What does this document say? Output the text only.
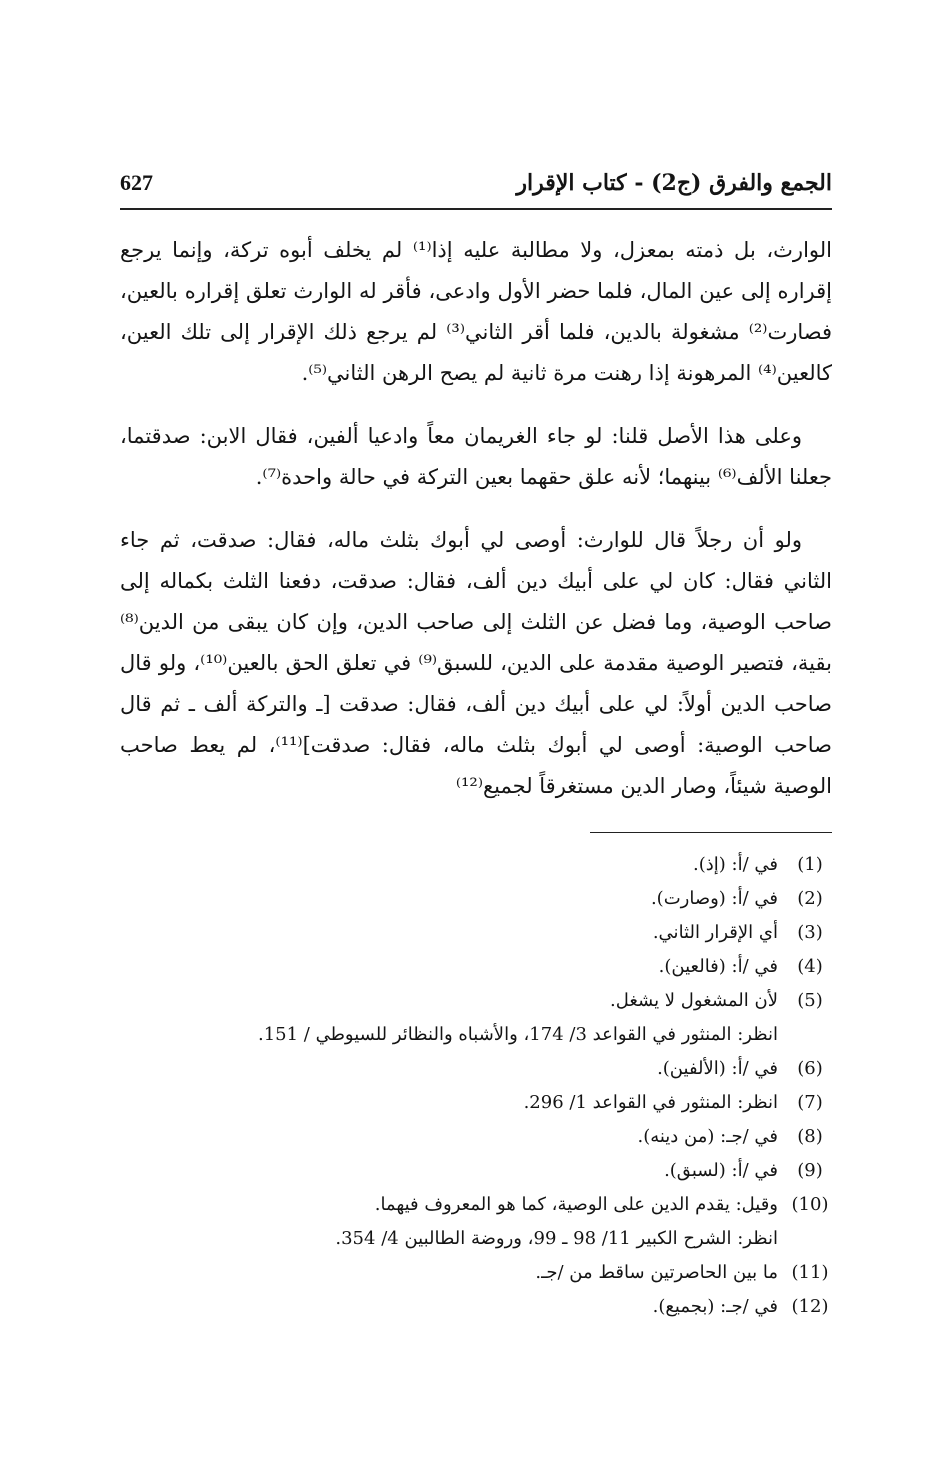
الجمع والفرق (ج2) - كتاب الإقرار
627

الوارث، بل ذمته بمعزل، ولا مطالبة عليه إذا⁽¹⁾ لم يخلف أبوه تركة، وإنما يرجع إقراره إلى عين المال، فلما حضر الأول وادعى، فأقر له الوارث تعلق إقراره بالعين، فصارت⁽²⁾ مشغولة بالدين، فلما أقر الثاني⁽³⁾ لم يرجع ذلك الإقرار إلى تلك العين، كالعين⁽⁴⁾ المرهونة إذا رهنت مرة ثانية لم يصح الرهن الثاني⁽⁵⁾.

وعلى هذا الأصل قلنا: لو جاء الغريمان معاً وادعيا ألفين، فقال الابن: صدقتما، جعلنا الألف⁽⁶⁾ بينهما؛ لأنه علق حقهما بعين التركة في حالة واحدة⁽⁷⁾.

ولو أن رجلاً قال للوارث: أوصى لي أبوك بثلث ماله، فقال: صدقت، ثم جاء الثاني فقال: كان لي على أبيك دين ألف، فقال: صدقت، دفعنا الثلث بكماله إلى صاحب الوصية، وما فضل عن الثلث إلى صاحب الدين، وإن كان يبقى من الدين⁽⁸⁾ بقية، فتصير الوصية مقدمة على الدين، للسبق⁽⁹⁾ في تعلق الحق بالعين⁽¹⁰⁾، ولو قال صاحب الدين أولاً: لي على أبيك دين ألف، فقال: صدقت [ـ والتركة ألف ـ ثم قال صاحب الوصية: أوصى لي أبوك بثلث ماله، فقال: صدقت]⁽¹¹⁾، لم يعط صاحب الوصية شيئاً، وصار الدين مستغرقاً لجميع⁽¹²⁾

(1)
في /أ: (إذ).
(2)
في /أ: (وصارت).
(3)
أي الإقرار الثاني.
(4)
في /أ: (فالعين).
(5)
لأن المشغول لا يشغل.
انظر: المنثور في القواعد 3/ 174، والأشباه والنظائر للسيوطي / 151.
(6)
في /أ: (الألفين).
(7)
انظر: المنثور في القواعد 1/ 296.
(8)
في /جـ: (من دينه).
(9)
في /أ: (لسبق).
(10)
وقيل: يقدم الدين على الوصية، كما هو المعروف فيهما.
انظر: الشرح الكبير 11/ 98 ـ 99، وروضة الطالبين 4/ 354.
(11)
ما بين الحاصرتين ساقط من /جـ.
(12)
في /جـ: (بجميع).
